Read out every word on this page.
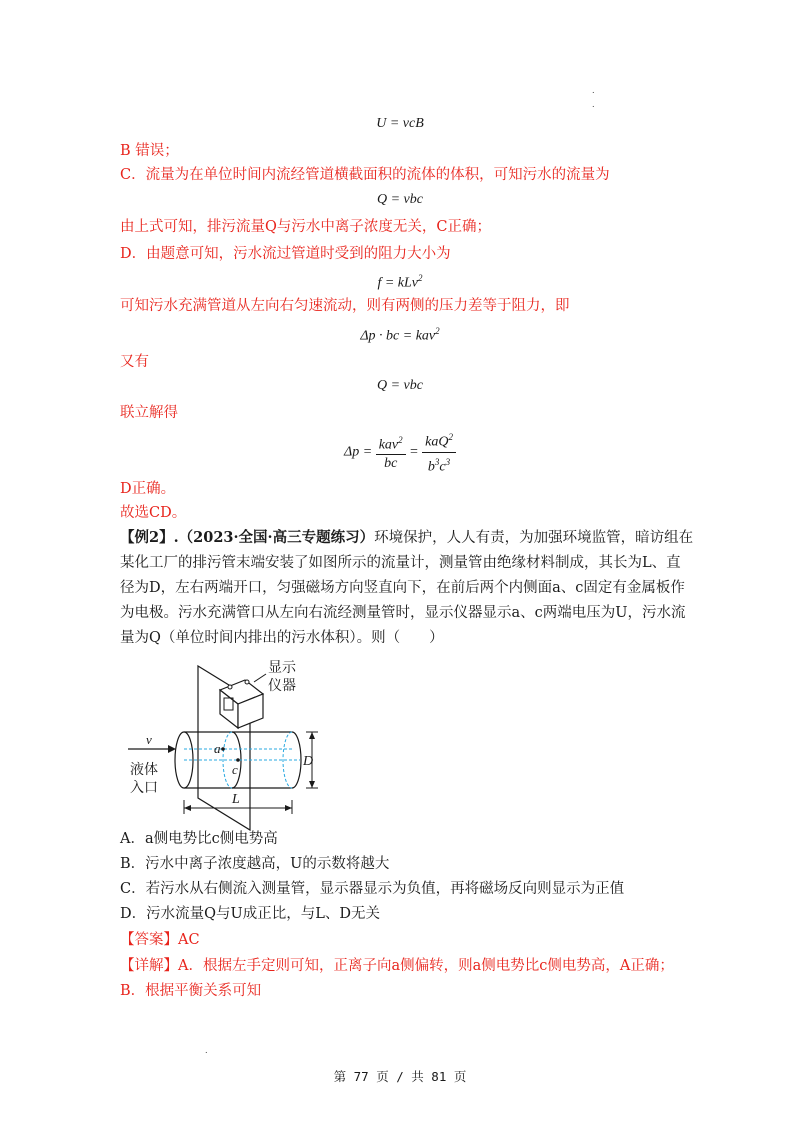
.
.
.
U = vcB
B 错误；
C．流量为在单位时间内流经管道横截面积的流体的体积，可知污水的流量为
Q = vbc
由上式可知，排污流量Q与污水中离子浓度无关，C正确；
D．由题意可知，污水流过管道时受到的阻力大小为
f = kLv$^2$
可知污水充满管道从左向右匀速流动，则有两侧的压力差等于阻力，即
Δp · bc = kav$^2$
又有
Q = vbc
联立解得
$\Delta p = \frac{kav^2}{bc} = \frac{kaQ^2}{b^3c^3}$
D正确。
故选CD。
【例2】.（2023·全国·高三专题练习）环境保护，人人有责，为加强环境监管，暗访组在
某化工厂的排污管末端安装了如图所示的流量计，测量管由绝缘材料制成，其长为L、直
径为D，左右两端开口，匀强磁场方向竖直向下，在前后两个内侧面a、c固定有金属板作
为电极。污水充满管口从左向右流经测量管时，显示仪器显示a、c两端电压为U，污水流
量为Q（单位时间内排出的污水体积）。则（　　）
显示
仪器
a
c
v
液体
入口
D
L
A．a侧电势比c侧电势高
B．污水中离子浓度越高，U的示数将越大
C．若污水从右侧流入测量管，显示器显示为负值，再将磁场反向则显示为正值
D．污水流量Q与U成正比，与L、D无关
【答案】AC
【详解】A．根据左手定则可知，正离子向a侧偏转，则a侧电势比c侧电势高，A正确；
B．根据平衡关系可知
第 77 页 / 共 81 页
